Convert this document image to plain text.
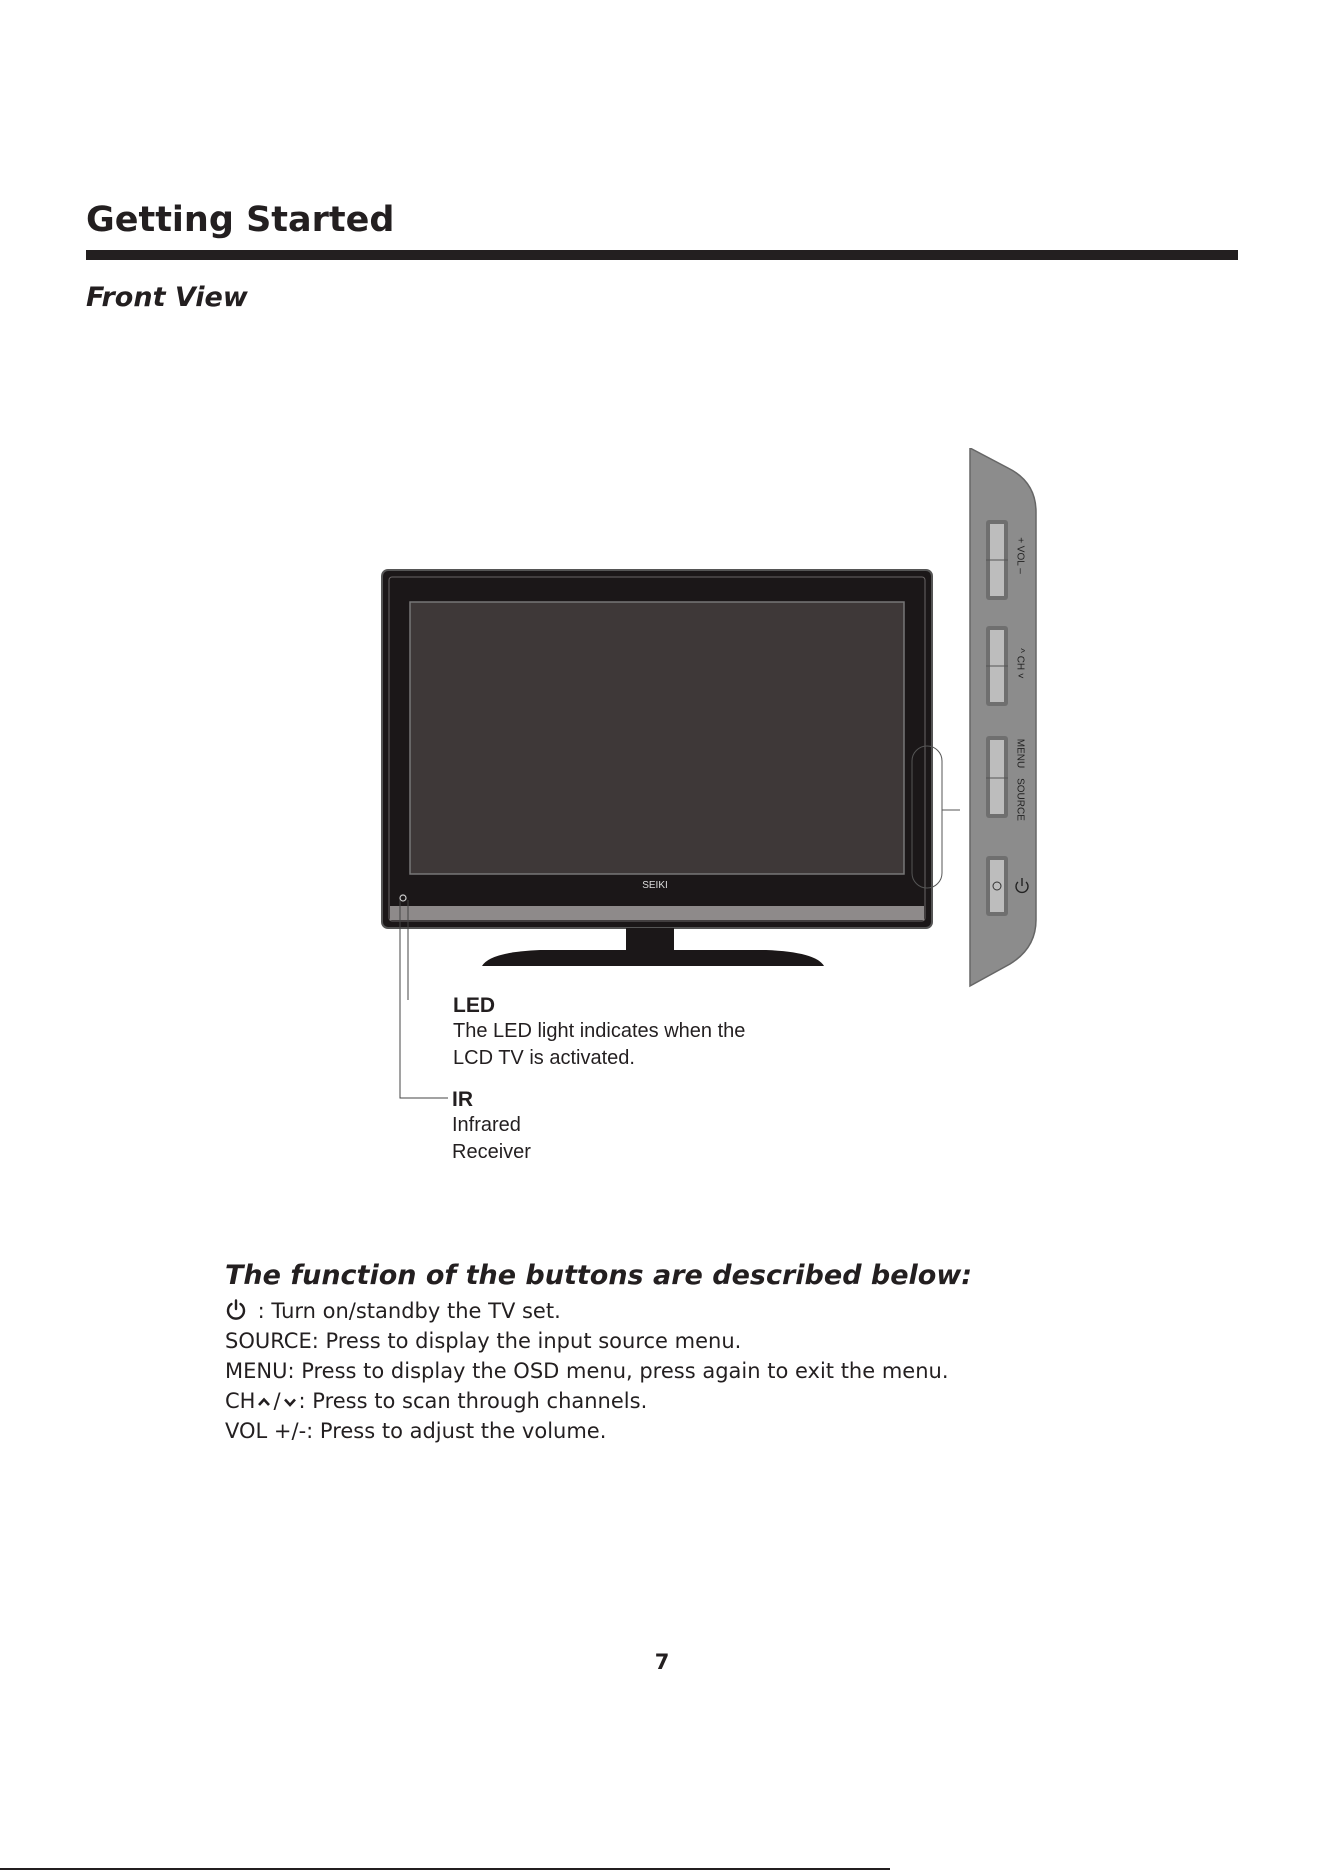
Getting Started
Front View
+ VOL –
^ CH ˅
MENU
SOURCE
SEIKI
LED
The LED light indicates when the
LCD TV is activated.
IR
Infrared
Receiver
The function of the buttons are described below:
: Turn on/standby the TV set.
SOURCE: Press to display the input source menu.
MENU: Press to display the OSD menu, press again to exit the menu.
CH / : Press to scan through channels.
VOL +/-: Press to adjust the volume.
7
